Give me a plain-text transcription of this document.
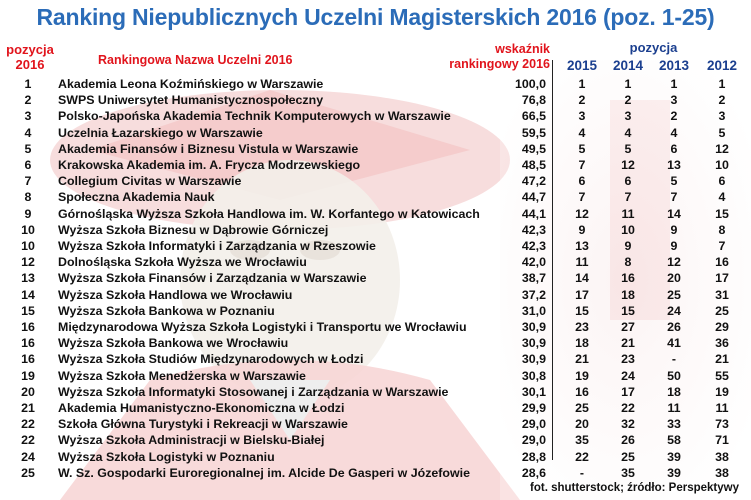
Ranking Niepublicznych Uczelni Magisterskich 2016 (poz. 1-25)
pozycja
2016	Rankingowa Nazwa Uczelni 2016
wskaźnik
rankingowy 2016
pozycja
2015	2014	2013	2012
1	Akademia Leona Koźmińskiego w Warszawie	100,0	1	1	1	1
2	SWPS Uniwersytet Humanistycznospołeczny	76,8	2	2	3	2
3	Polsko-Japońska Akademia Technik Komputerowych w Warszawie	66,5	3	3	2	3
4	Uczelnia Łazarskiego w Warszawie	59,5	4	4	4	5
5	Akademia Finansów i Biznesu Vistula w Warszawie	49,5	5	5	6	12
6	Krakowska Akademia im. A. Frycza Modrzewskiego	48,5	7	12	13	10
7	Collegium Civitas w Warszawie	47,2	6	6	5	6
8	Społeczna Akademia Nauk	44,7	7	7	7	4
9	Górnośląska Wyższa Szkoła Handlowa im. W. Korfantego w Katowicach	44,1	12	11	14	15
10	Wyższa Szkoła Biznesu w Dąbrowie Górniczej	42,3	9	10	9	8
10	Wyższa Szkoła Informatyki i Zarządzania w Rzeszowie	42,3	13	9	9	7
12	Dolnośląska Szkoła Wyższa we Wrocławiu	42,0	11	8	12	16
13	Wyższa Szkoła Finansów i Zarządzania w Warszawie	38,7	14	16	20	17
14	Wyższa Szkoła Handlowa we Wrocławiu	37,2	17	18	25	31
15	Wyższa Szkoła Bankowa w Poznaniu	31,0	15	15	24	25
16	Międzynarodowa Wyższa Szkoła Logistyki i Transportu we Wrocławiu	30,9	23	27	26	29
16	Wyższa Szkoła Bankowa we Wrocławiu	30,9	18	21	41	36
16	Wyższa Szkoła Studiów Międzynarodowych w Łodzi	30,9	21	23	-	21
19	Wyższa Szkoła Menedżerska w Warszawie	30,8	19	24	50	55
20	Wyższa Szkoła Informatyki Stosowanej i Zarządzania w Warszawie	30,1	16	17	18	19
21	Akademia Humanistyczno-Ekonomiczna w Łodzi	29,9	25	22	11	11
22	Szkoła Główna Turystyki i Rekreacji w Warszawie	29,0	20	32	33	73
22	Wyższa Szkoła Administracji w Bielsku-Białej	29,0	35	26	58	71
24	Wyższa Szkoła Logistyki w Poznaniu	28,8	22	25	39	38
25	W. Sz. Gospodarki Euroregionalnej im. Alcide De Gasperi w Józefowie	28,6	-	35	39	38
fot. shutterstock; źródło: Perspektywy
